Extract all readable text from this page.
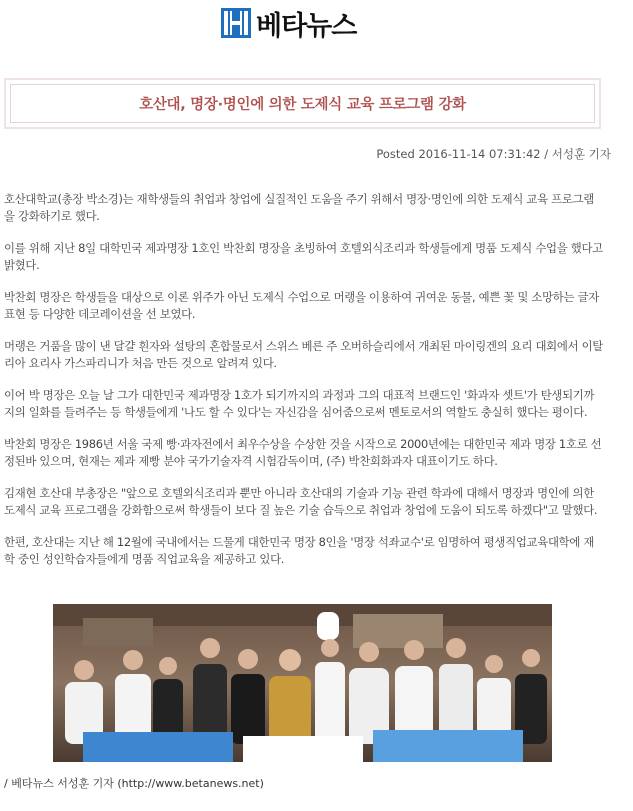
베타뉴스
호산대, 명장·명인에 의한 도제식 교육 프로그램 강화
Posted 2016-11-14 07:31:42 / 서성훈 기자

호산대학교(총장 박소경)는 재학생들의 취업과 창업에 실질적인 도움을 주기 위해서 명장·명인에 의한 도제식 교육 프로그램을 강화하기로 했다.

이를 위해 지난 8일 대학민국 제과명장 1호인 박찬회 명장을 초빙하여 호텔외식조리과 학생들에게 명품 도제식 수업을 했다고 밝혔다.

박찬회 명장은 학생들을 대상으로 이론 위주가 아닌 도제식 수업으로 머랭을 이용하여 귀여운 동물, 예쁜 꽃 및 소망하는 글자 표현 등 다양한 데코레이션을 선 보였다.

머랭은 거품을 많이 낸 달걀 흰자와 설탕의 혼합물로서 스위스 베른 주 오버하슬리에서 개최된 마이링겐의 요리 대회에서 이탈리아 요리사 가스파리니가 처음 만든 것으로 알려져 있다.

이어 박 명장은 오늘 날 그가 대한민국 제과명장 1호가 되기까지의 과정과 그의 대표적 브랜드인 '화과자 셋트'가 탄생되기까지의 일화를 들려주는 등 학생들에게 '나도 할 수 있다'는 자신감을 심어줌으로써 멘토로서의 역할도 충실히 했다는 평이다.

박찬회 명장은 1986년 서울 국제 빵·과자전에서 최우수상을 수상한 것을 시작으로 2000년에는 대한민국 제과 명장 1호로 선정된바 있으며, 현재는 제과 제빵 분야 국가기술자격 시험감독이며, (주) 박찬회화과자 대표이기도 하다.

김재현 호산대 부총장은 "앞으로 호텔외식조리과 뿐만 아니라 호산대의 기술과 기능 관련 학과에 대해서 명장과 명인에 의한 도제식 교육 프로그램을 강화함으로써 학생들이 보다 질 높은 기술 습득으로 취업과 창업에 도움이 되도록 하겠다"고 말했다.

한편, 호산대는 지난 해 12월에 국내에서는 드물게 대한민국 명장 8인을 '명장 석좌교수'로 임명하여 평생직업교육대학에 재학 중인 성인학습자들에게 명품 직업교육을 제공하고 있다.

/ 베타뉴스 서성훈 기자 (http://www.betanews.net)
